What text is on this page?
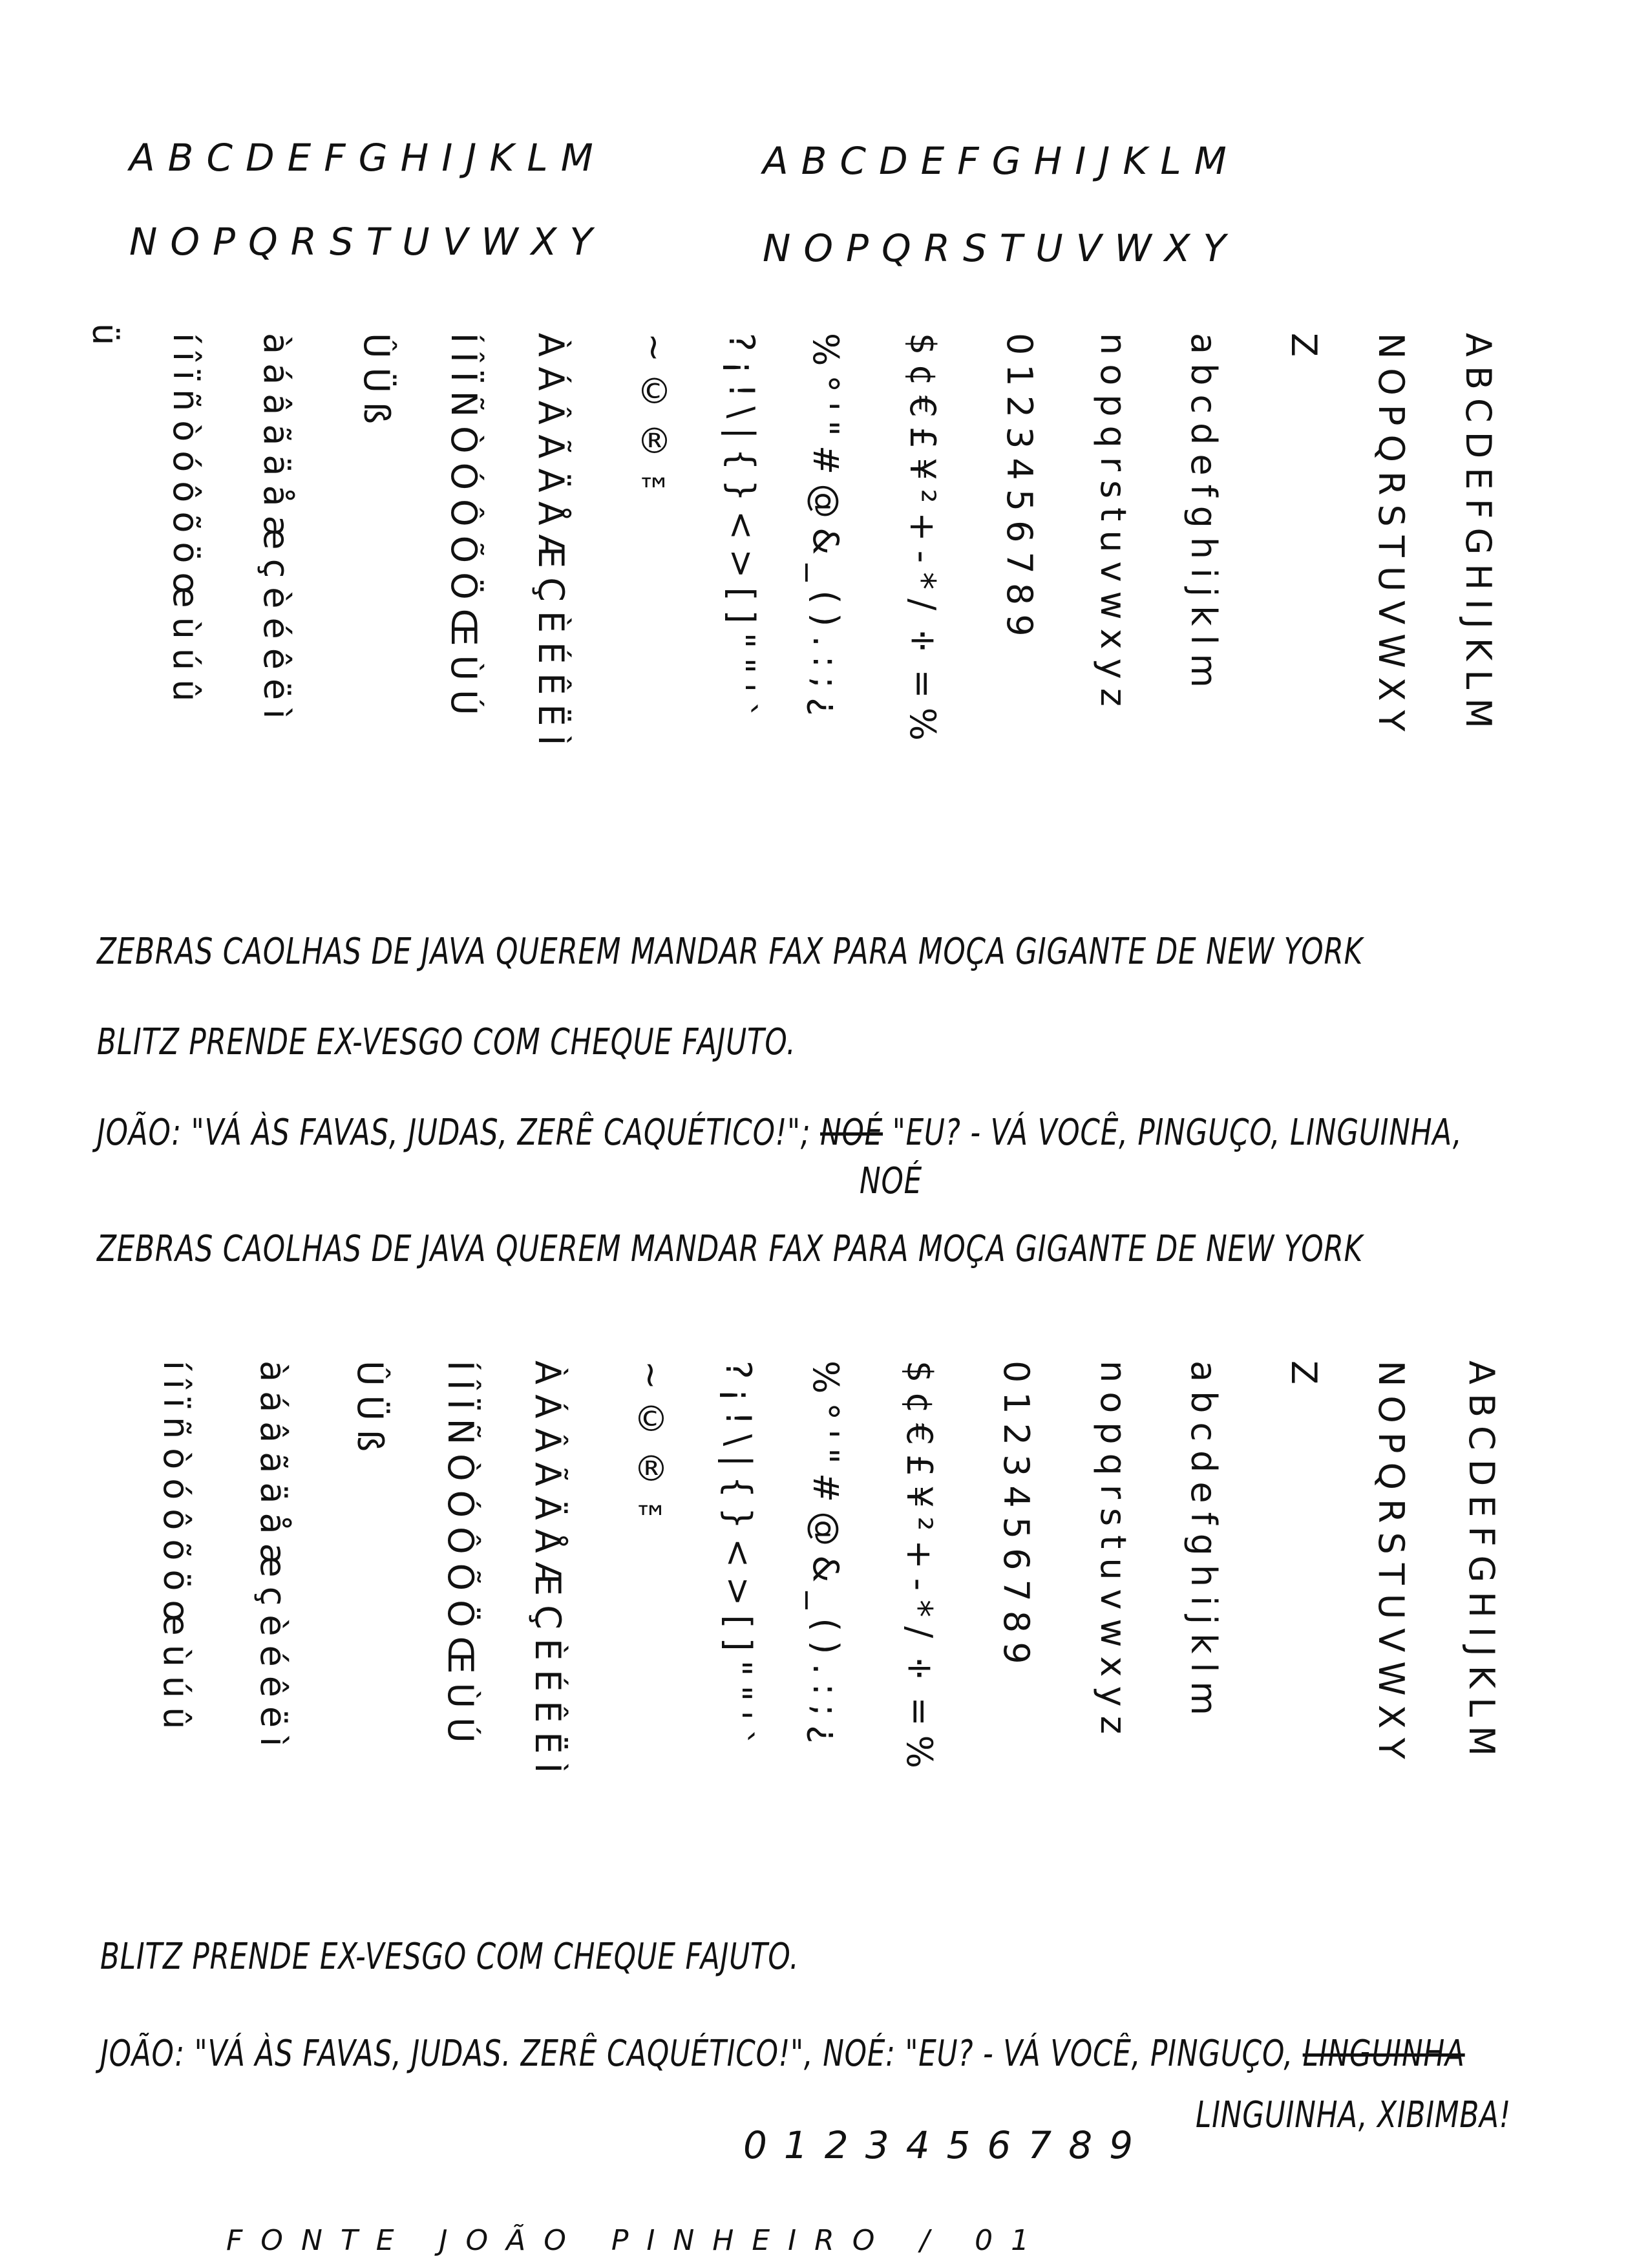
ABCDEFGHIJKLM	ABCDEFGHIJKLM
NOPQRSTUVWXY	NOPQRSTUVWXY
ABCDEFGHIJKLM
NOPQRSTUVWXY
Z
abcdefghijklm
nopqrstuvwxyz
0123456789
$¢€£¥²+-*/÷=%
%°'"#@&_().:;¿
?¡!\|{}<>[]""'`
~©®™
ÀÁÂÃÄÅÆÇÈÉÊËÌ
ÍÎÏÑÒÓÔÕÖŒÙÚ
ÛÜß
àáâãäåæçèéêëì
íîïñòóôõöœùúû
ü
ZEBRAS CAOLHAS DE JAVA QUEREM MANDAR FAX PARA MOÇA GIGANTE DE NEW YORK
BLITZ PRENDE EX-VESGO COM CHEQUE FAJUTO.
JOÃO: "VÁ ÀS FAVAS, JUDAS, ZERÊ CAQUÉTICO!"; NOÉ "EU? - VÁ VOCÊ, PINGUÇO, LINGUINHA,
NOÉ
ZEBRAS CAOLHAS DE JAVA QUEREM MANDAR FAX PARA MOÇA GIGANTE DE NEW YORK
ABCDEFGHIJKLM
NOPQRSTUVWXY
Z
abcdefghijklm
nopqrstuvwxyz
0123456789
$¢€£¥²+-*/÷=%
%°'"#@&_().:;¿
?¡!\|{}<>[]""'`
~©®™
ÀÁÂÃÄÅÆÇÈÉÊËÌ
ÍÎÏÑÒÓÔÕÖŒÙÚ
ÛÜß
àáâãäåæçèéêëì
íîïñòóôõöœùúû
BLITZ PRENDE EX-VESGO COM CHEQUE FAJUTO.
JOÃO: "VÁ ÀS FAVAS, JUDAS. ZERÊ CAQUÉTICO!", NOÉ: "EU? - VÁ VOCÊ, PINGUÇO, LINGUINHA
LINGUINHA, XIBIMBA!
0123456789
FONTE JOÃO PINHEIRO / 01
